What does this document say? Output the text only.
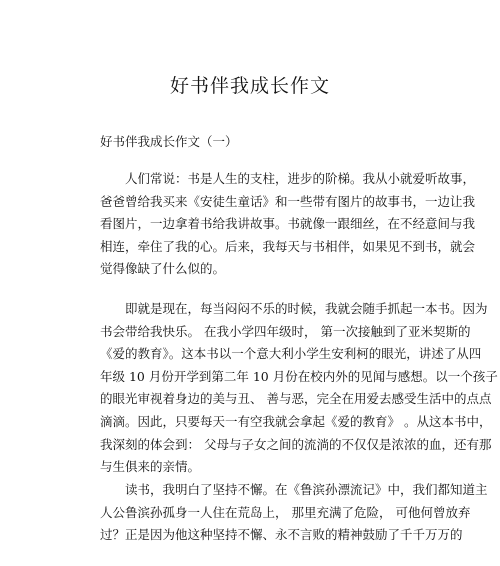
好书伴我成长作文
好书伴我成长作文（一）
人们常说：书是人生的支柱，进步的阶梯。我从小就爱听故事，
爸爸曾给我买来《安徒生童话》和一些带有图片的故事书，一边让我
看图片，一边拿着书给我讲故事。书就像一跟细丝，在不经意间与我
相连，牵住了我的心。后来，我每天与书相伴，如果见不到书，就会
觉得像缺了什么似的。
即就是现在，每当闷闷不乐的时候，我就会随手抓起一本书。因为
书会带给我快乐。 在我小学四年级时， 第一次接触到了亚米契斯的
《爱的教育》。这本书以一个意大利小学生安利柯的眼光，讲述了从四
年级 10 月份开学到第二年 10 月份在校内外的见闻与感想。以一个孩子
的眼光审视着身边的美与丑、 善与恶，完全在用爱去感受生活中的点点
滴滴。因此，只要每天一有空我就会拿起《爱的教育》 。从这本书中，
我深刻的体会到： 父母与子女之间的流淌的不仅仅是浓浓的血，还有那
与生俱来的亲情。
读书，我明白了坚持不懈。在《鲁滨孙漂流记》中，我们都知道主
人公鲁滨孙孤身一人住在荒岛上， 那里充满了危险， 可他何曾放弃
过？正是因为他这种坚持不懈、永不言败的精神鼓励了千千万万的
